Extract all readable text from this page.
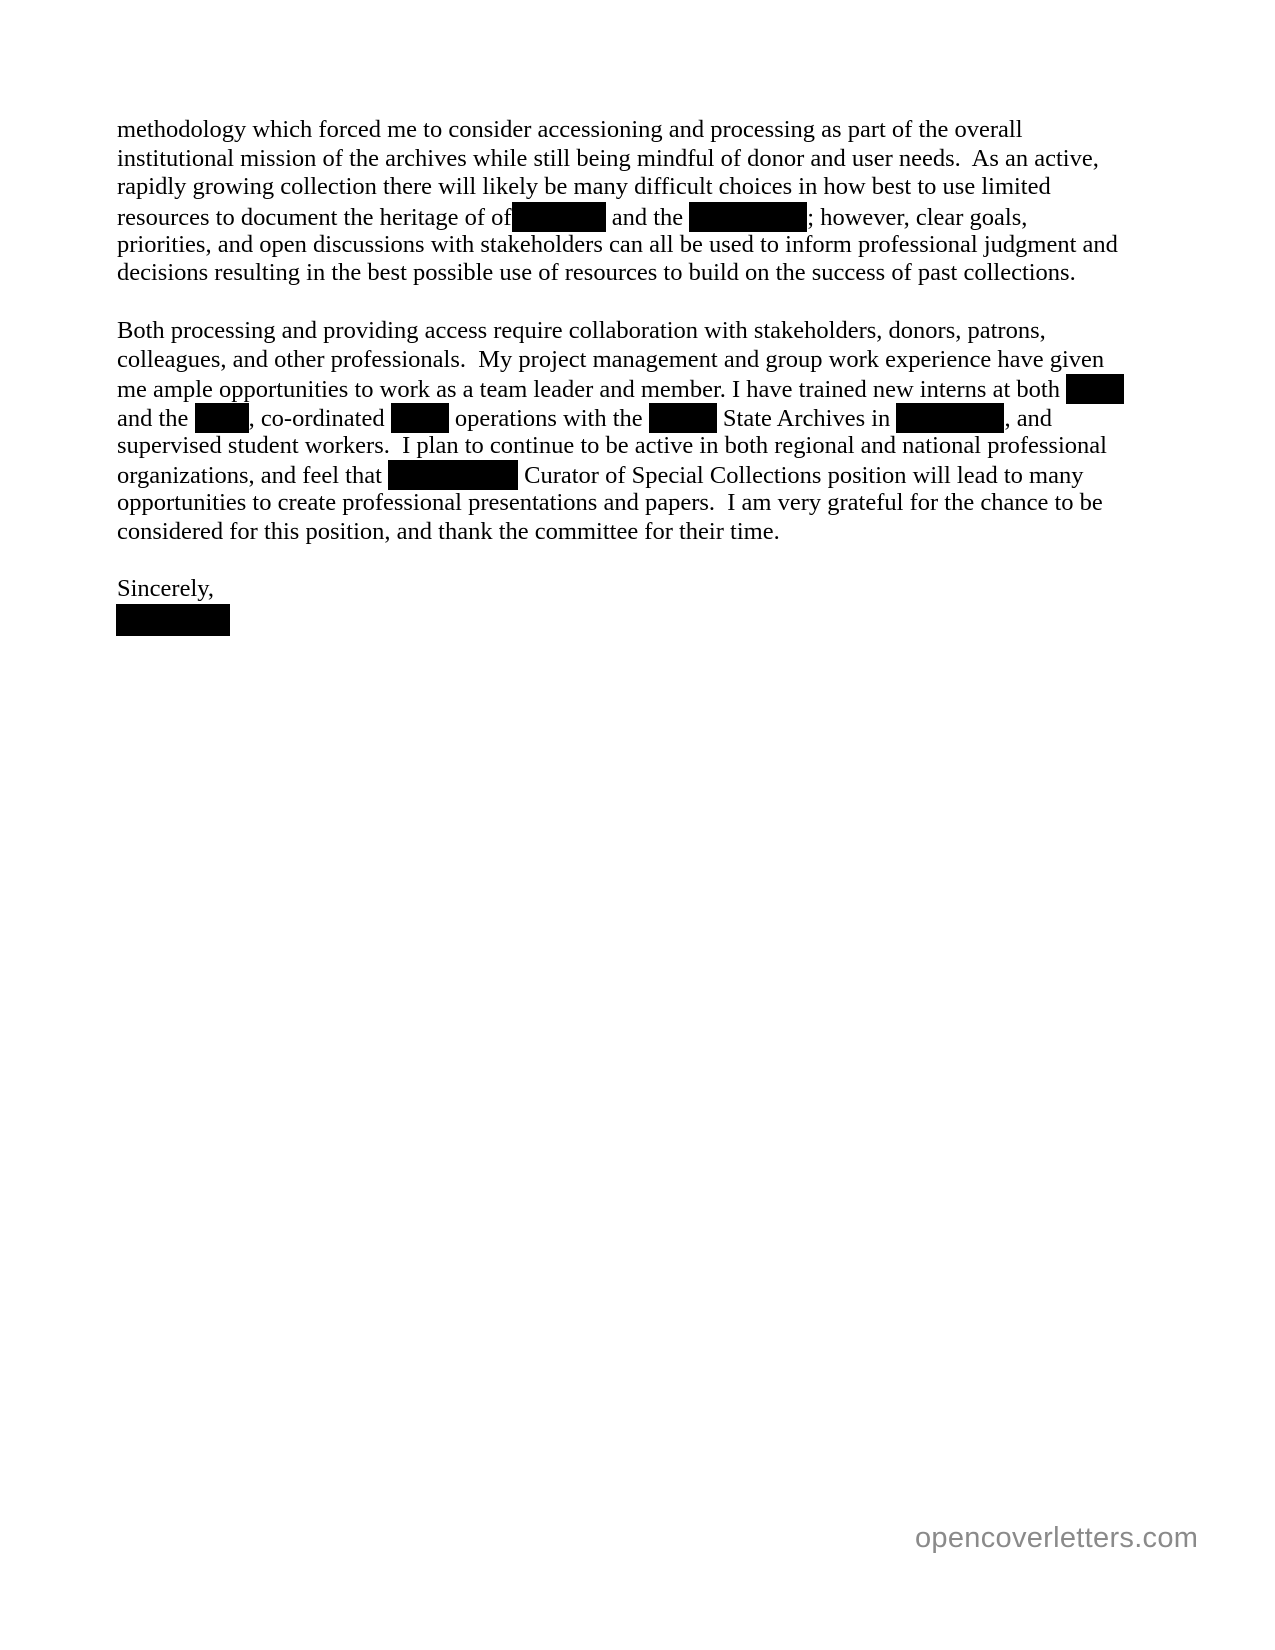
methodology which forced me to consider accessioning and processing as part of the overall
institutional mission of the archives while still being mindful of donor and user needs.  As an active,
rapidly growing collection there will likely be many difficult choices in how best to use limited
resources to document the heritage of of	and the	; however, clear goals,
priorities, and open discussions with stakeholders can all be used to inform professional judgment and
decisions resulting in the best possible use of resources to build on the success of past collections.
Both processing and providing access require collaboration with stakeholders, donors, patrons,
colleagues, and other professionals.  My project management and group work experience have given
me ample opportunities to work as a team leader and member. I have trained new interns at both
and the , co-ordinated  operations with the	State Archives in	, and
supervised student workers.  I plan to continue to be active in both regional and national professional
organizations, and feel that	Curator of Special Collections position will lead to many
opportunities to create professional presentations and papers.  I am very grateful for the chance to be
considered for this position, and thank the committee for their time.
Sincerely,
opencoverletters.com
